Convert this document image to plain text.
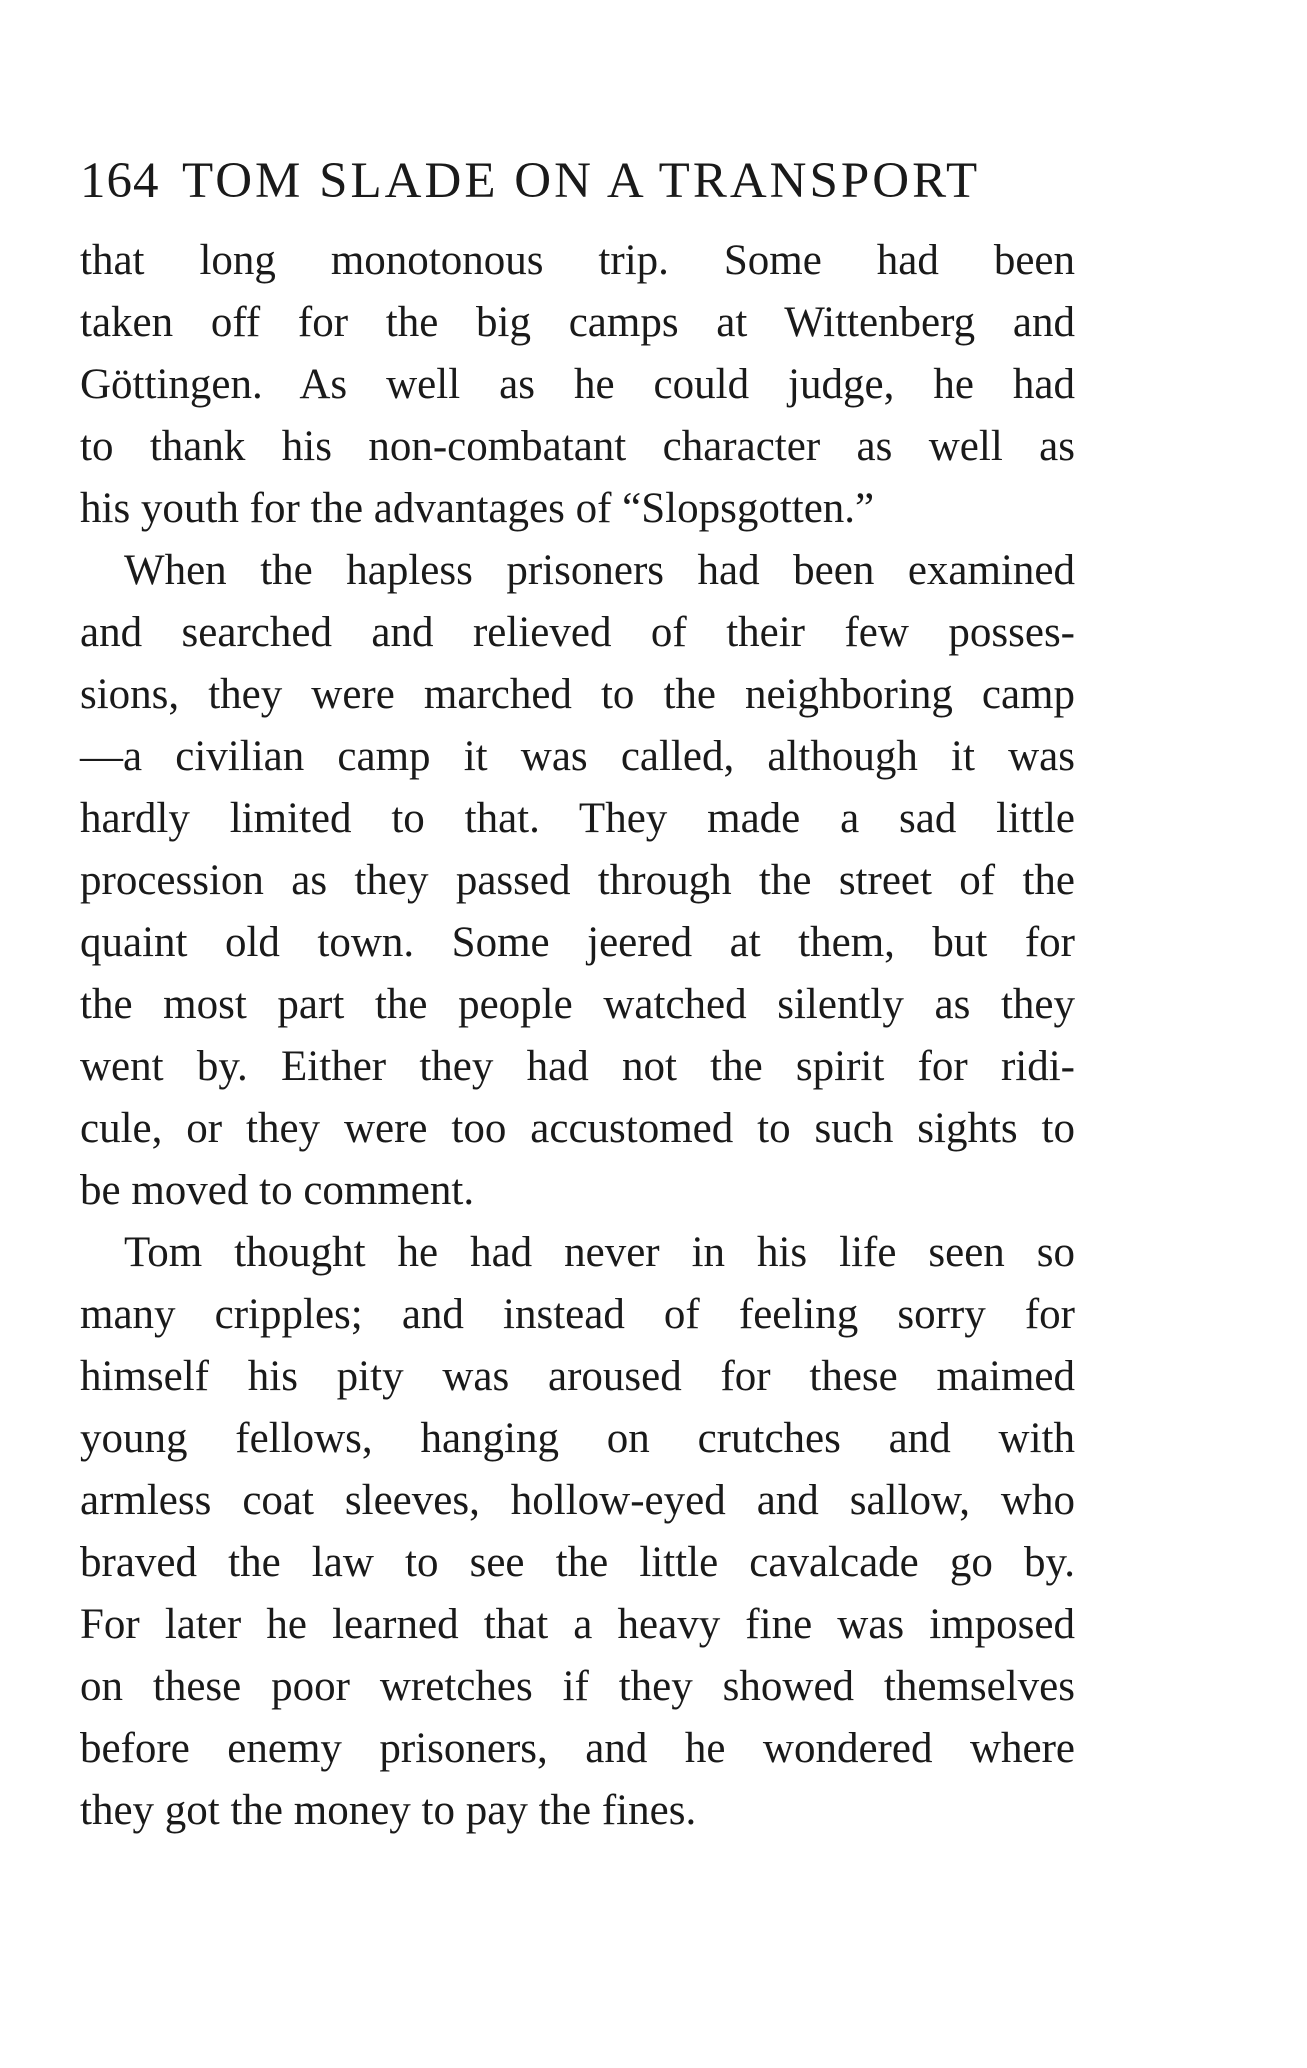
164 TOM SLADE ON A TRANSPORT

that long monotonous trip. Some had been
taken off for the big camps at Wittenberg and
Göttingen. As well as he could judge, he had
to thank his non-combatant character as well as
his youth for the advantages of “Slopsgotten.”

When the hapless prisoners had been examined
and searched and relieved of their few posses-
sions, they were marched to the neighboring camp
—a civilian camp it was called, although it was
hardly limited to that. They made a sad little
procession as they passed through the street of the
quaint old town. Some jeered at them, but for
the most part the people watched silently as they
went by. Either they had not the spirit for ridi-
cule, or they were too accustomed to such sights to
be moved to comment.

Tom thought he had never in his life seen so
many cripples; and instead of feeling sorry for
himself his pity was aroused for these maimed
young fellows, hanging on crutches and with
armless coat sleeves, hollow-eyed and sallow, who
braved the law to see the little cavalcade go by.
For later he learned that a heavy fine was imposed
on these poor wretches if they showed themselves
before enemy prisoners, and he wondered where
they got the money to pay the fines.
